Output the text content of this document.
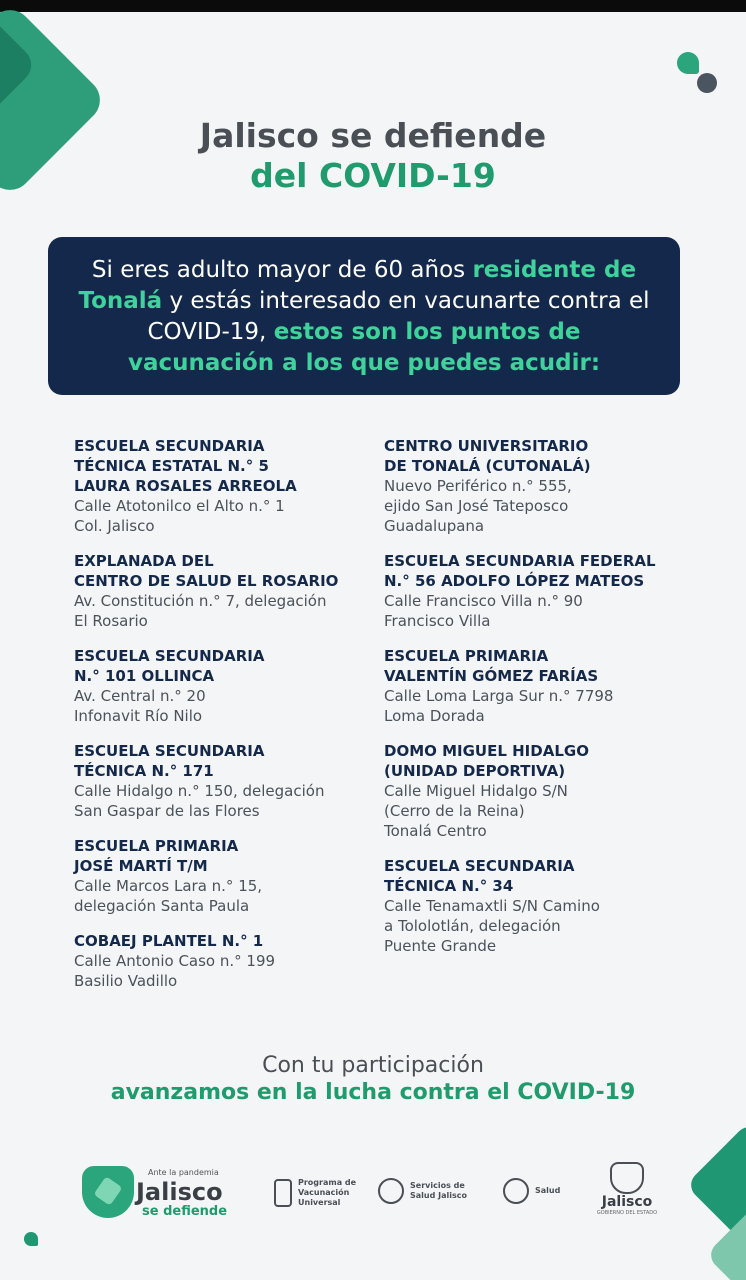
Jalisco se defiende
del COVID-19
Si eres adulto mayor de 60 años residente de Tonalá y estás interesado en vacunarte contra el COVID-19, estos son los puntos de vacunación a los que puedes acudir:
ESCUELA SECUNDARIA
TÉCNICA ESTATAL N.° 5
LAURA ROSALES ARREOLA
Calle Atotonilco el Alto n.° 1
Col. Jalisco
EXPLANADA DEL
CENTRO DE SALUD EL ROSARIO
Av. Constitución n.° 7, delegación
El Rosario
ESCUELA SECUNDARIA
N.° 101 OLLINCA
Av. Central n.° 20
Infonavit Río Nilo
ESCUELA SECUNDARIA
TÉCNICA N.° 171
Calle Hidalgo n.° 150, delegación
San Gaspar de las Flores
ESCUELA PRIMARIA
JOSÉ MARTÍ T/M
Calle Marcos Lara n.° 15,
delegación Santa Paula
COBAEJ PLANTEL N.° 1
Calle Antonio Caso n.° 199
Basilio Vadillo
CENTRO UNIVERSITARIO
DE TONALÁ (CUTONALÁ)
Nuevo Periférico n.° 555,
ejido San José Tateposco
Guadalupana
ESCUELA SECUNDARIA FEDERAL
N.° 56 ADOLFO LÓPEZ MATEOS
Calle Francisco Villa n.° 90
Francisco Villa
ESCUELA PRIMARIA
VALENTÍN GÓMEZ FARÍAS
Calle Loma Larga Sur n.° 7798
Loma Dorada
DOMO MIGUEL HIDALGO
(UNIDAD DEPORTIVA)
Calle Miguel Hidalgo S/N
(Cerro de la Reina)
Tonalá Centro
ESCUELA SECUNDARIA
TÉCNICA N.° 34
Calle Tenamaxtli S/N Camino
a Tololotlán, delegación
Puente Grande
Con tu participación
avanzamos en la lucha contra el COVID-19
Ante la pandemia
Jalisco
se defiende
Programa de
Vacunación
Universal
Servicios de
Salud Jalisco
Salud
Jalisco
GOBIERNO DEL ESTADO
